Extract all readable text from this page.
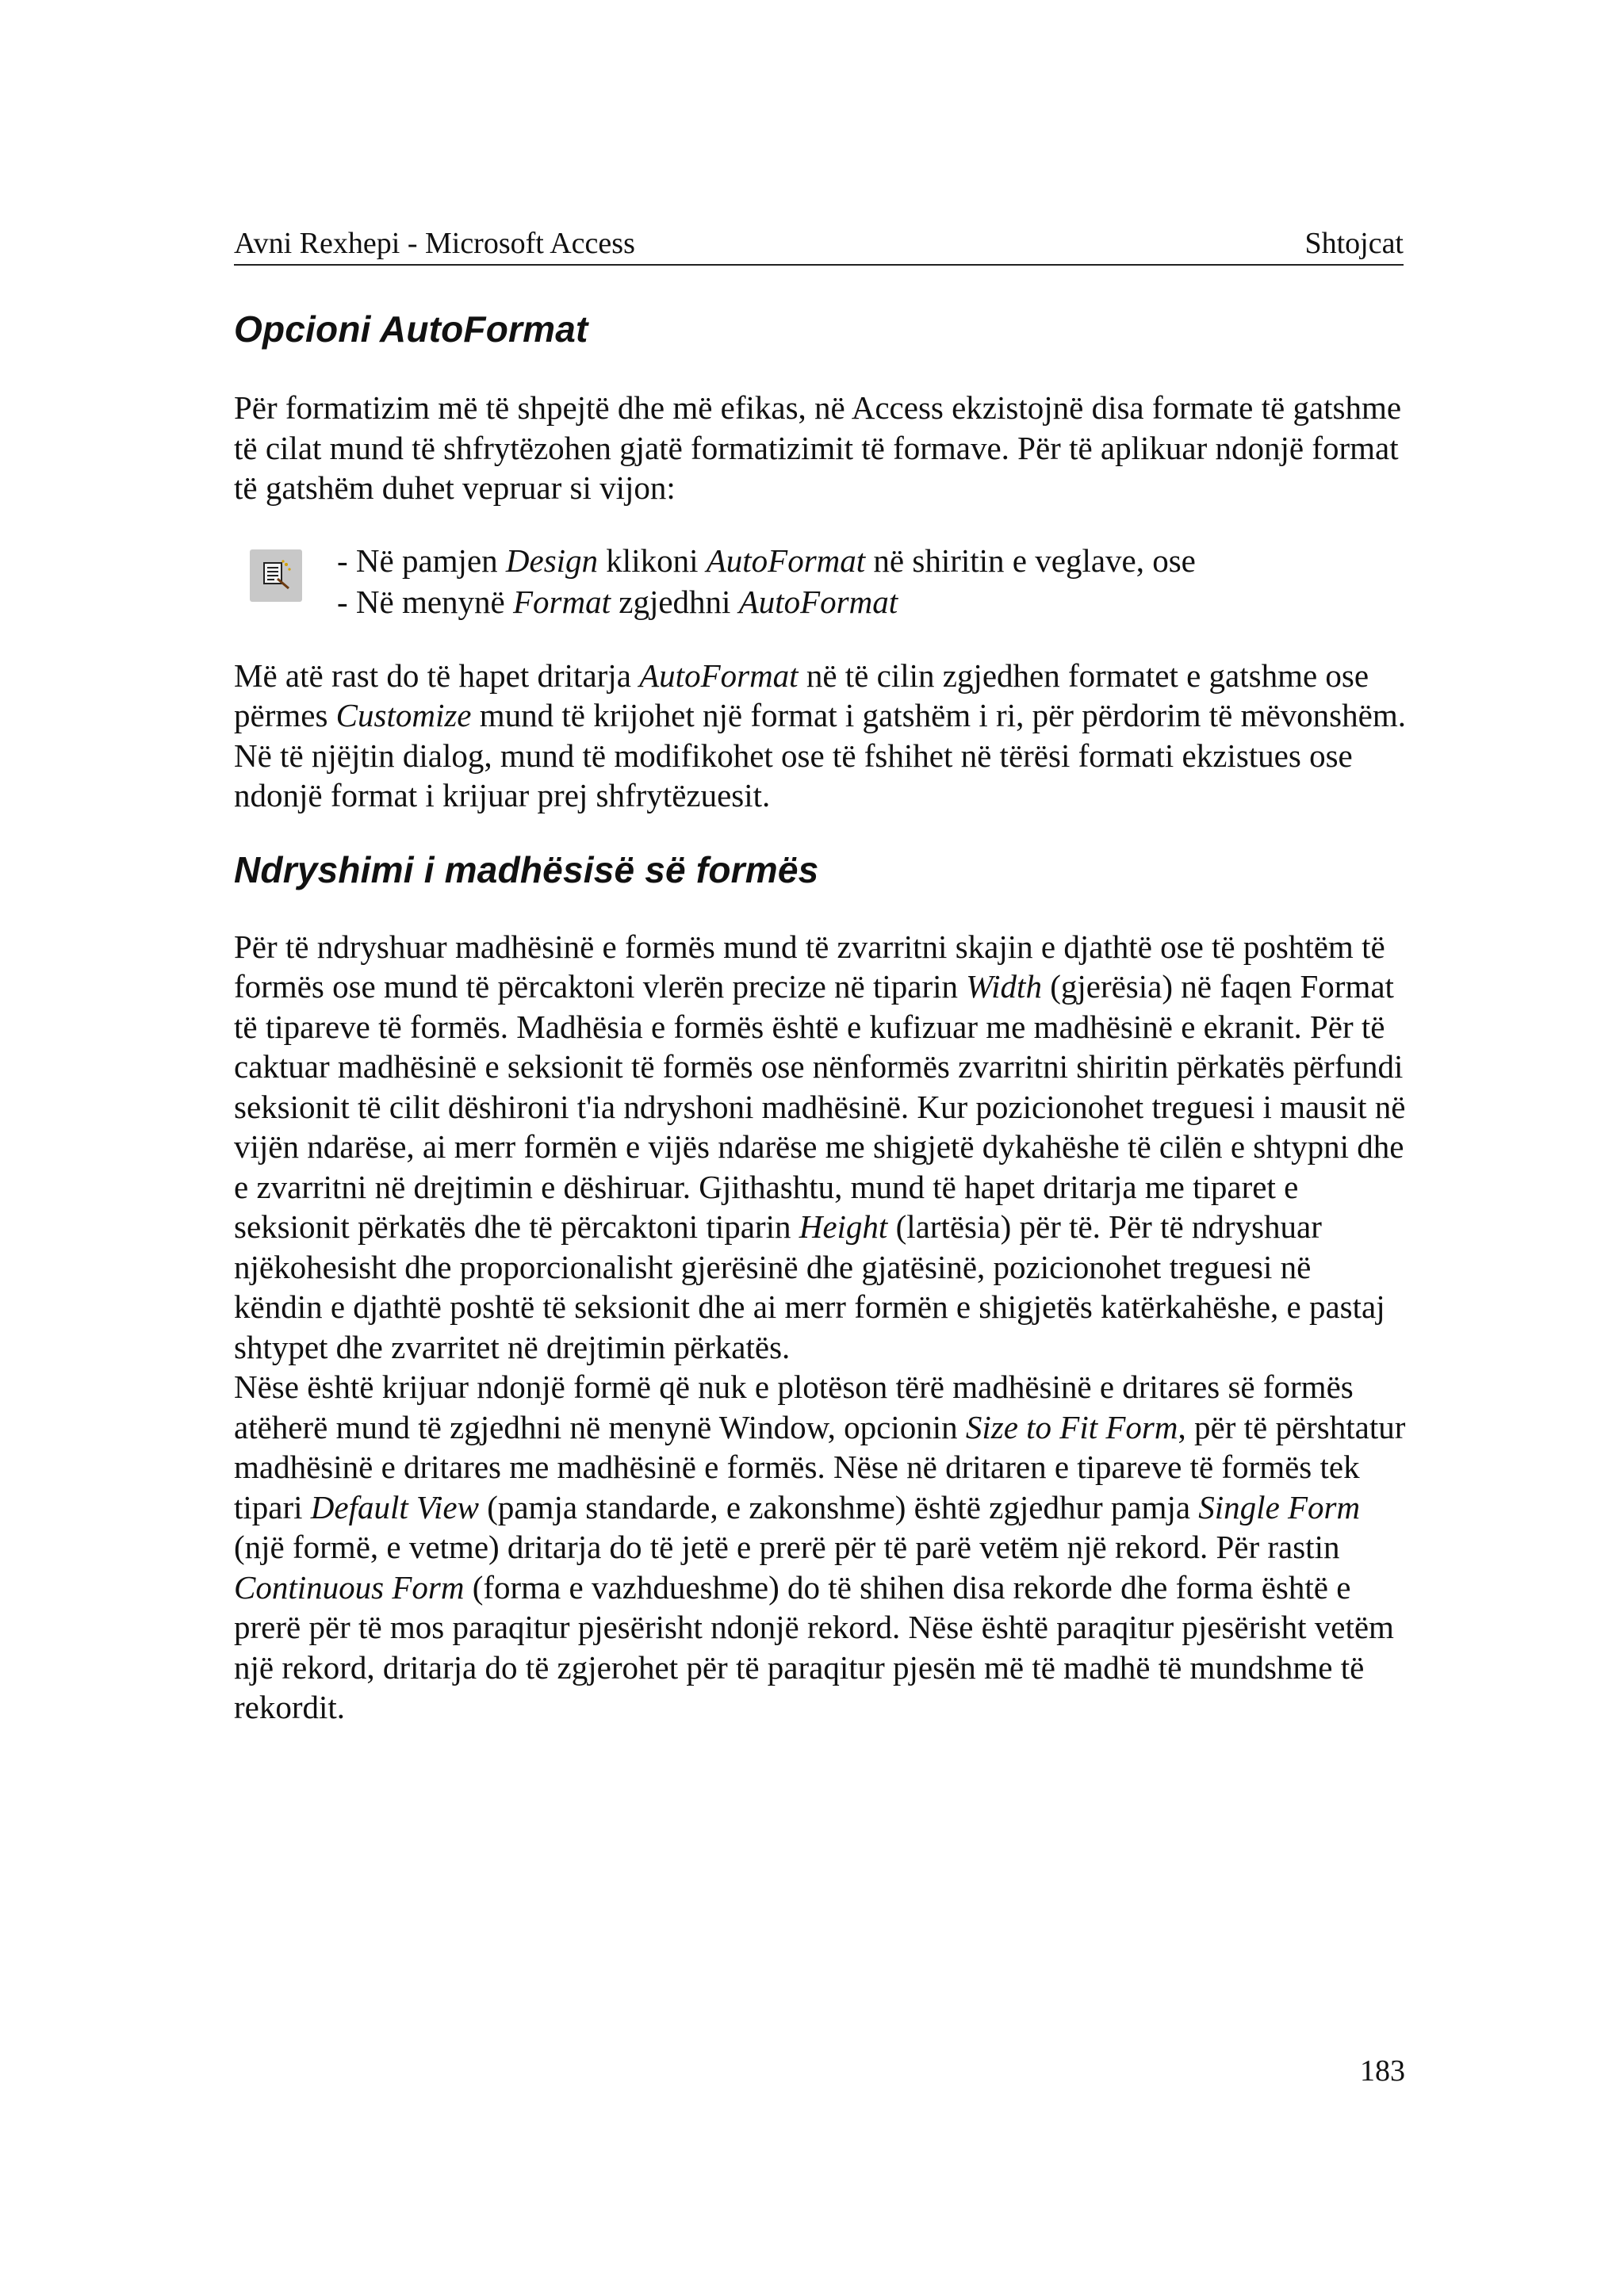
Avni Rexhepi - Microsoft Access	Shtojcat
Opcioni AutoFormat

Për formatizim më të shpejtë dhe më efikas, në Access ekzistojnë disa formate të gatshme të cilat mund të shfrytëzohen gjatë formatizimit të formave. Për të aplikuar ndonjë format të gatshëm duhet vepruar si vijon:

- Në pamjen Design klikoni AutoFormat në shiritin e veglave, ose
- Në menynë Format zgjedhni AutoFormat

Më atë rast do të hapet dritarja AutoFormat në të cilin zgjedhen formatet e gatshme ose përmes Customize mund të krijohet një format i gatshëm i ri, për përdorim të mëvonshëm. Në të njëjtin dialog, mund të modifikohet ose të fshihet në tërësi formati ekzistues ose ndonjë format i krijuar prej shfrytëzuesit.

Ndryshimi i madhësisë së formës

Për të ndryshuar madhësinë e formës mund të zvarritni skajin e djathtë ose të poshtëm të formës ose mund të përcaktoni vlerën precize në tiparin Width (gjerësia) në faqen Format të tipareve të formës. Madhësia e formës është e kufizuar me madhësinë e ekranit. Për të caktuar madhësinë e seksionit të formës ose nënformës zvarritni shiritin përkatës përfundi seksionit të cilit dëshironi t'ia ndryshoni madhësinë. Kur pozicionohet treguesi i mausit në vijën ndarëse, ai merr formën e vijës ndarëse me shigjetë dykahëshe të cilën e shtypni dhe e zvarritni në drejtimin e dëshiruar. Gjithashtu, mund të hapet dritarja me tiparet e seksionit përkatës dhe të përcaktoni tiparin Height (lartësia) për të. Për të ndryshuar njëkohesisht dhe proporcionalisht gjerësinë dhe gjatësinë, pozicionohet treguesi në këndin e djathtë poshtë të seksionit dhe ai merr formën e shigjetës katërkahëshe, e pastaj shtypet dhe zvarritet në drejtimin përkatës.

Nëse është krijuar ndonjë formë që nuk e plotëson tërë madhësinë e dritares së formës atëherë mund të zgjedhni në menynë Window, opcionin Size to Fit Form, për të përshtatur madhësinë e dritares me madhësinë e formës. Nëse në dritaren e tipareve të formës tek tipari Default View (pamja standarde, e zakonshme) është zgjedhur pamja Single Form (një formë, e vetme) dritarja do të jetë e prerë për të parë vetëm një rekord. Për rastin Continuous Form (forma e vazhdueshme) do të shihen disa rekorde dhe forma është e prerë për të mos paraqitur pjesërisht ndonjë rekord. Nëse është paraqitur pjesërisht vetëm një rekord, dritarja do të zgjerohet për të paraqitur pjesën më të madhë të mundshme të rekordit.

183
